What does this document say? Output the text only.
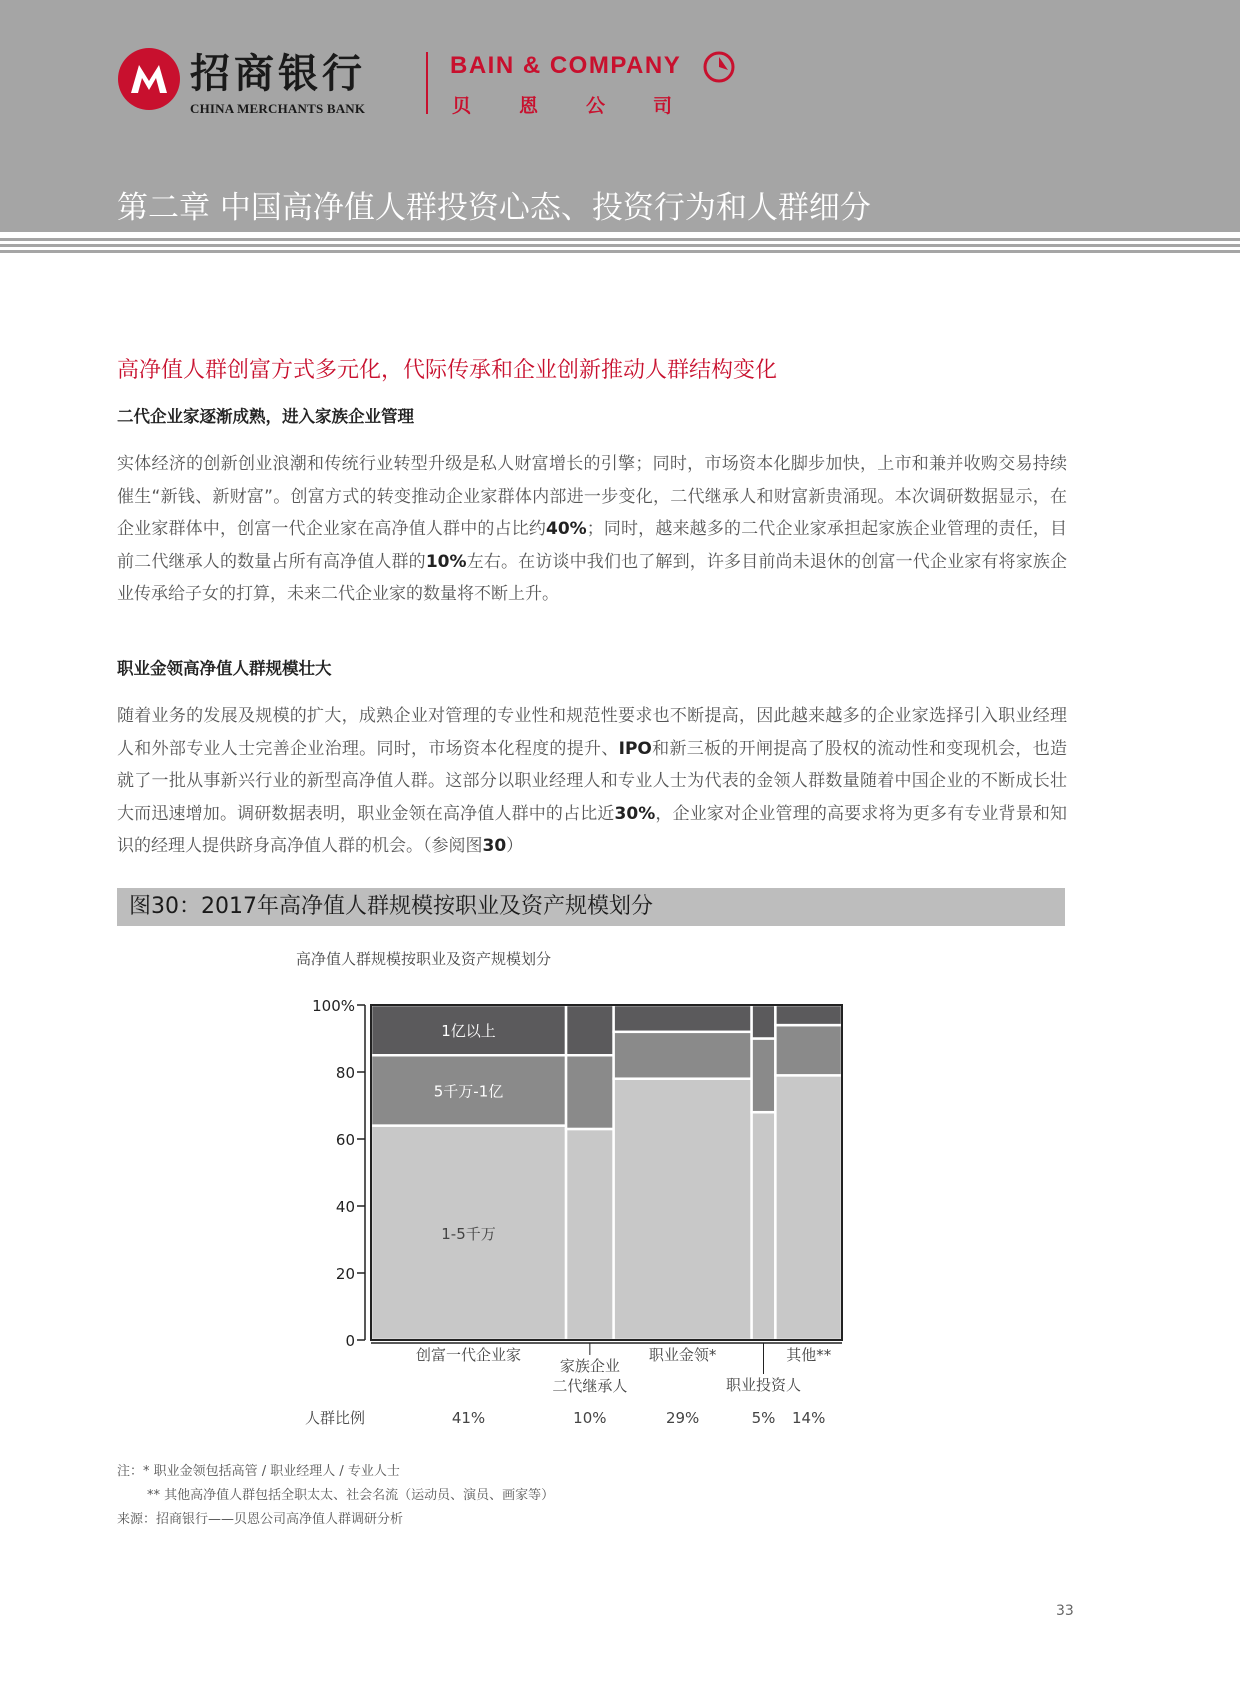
招商银行
CHINA MERCHANTS BANK
BAIN & COMPANY
贝恩公司
第二章 中国高净值人群投资心态、投资行为和人群细分
高净值人群创富方式多元化，代际传承和企业创新推动人群结构变化
二代企业家逐渐成熟，进入家族企业管理

实体经济的创新创业浪潮和传统行业转型升级是私人财富增长的引擎；同时，市场资本化脚步加快，上市和兼并收购交易持续催生“新钱、新财富”。创富方式的转变推动企业家群体内部进一步变化，二代继承人和财富新贵涌现。本次调研数据显示，在企业家群体中，创富一代企业家在高净值人群中的占比约40%；同时，越来越多的二代企业家承担起家族企业管理的责任，目前二代继承人的数量占所有高净值人群的10%左右。在访谈中我们也了解到，许多目前尚未退休的创富一代企业家有将家族企业传承给子女的打算，未来二代企业家的数量将不断上升。

职业金领高净值人群规模壮大

随着业务的发展及规模的扩大，成熟企业对管理的专业性和规范性要求也不断提高，因此越来越多的企业家选择引入职业经理人和外部专业人士完善企业治理。同时，市场资本化程度的提升、IPO和新三板的开闸提高了股权的流动性和变现机会，也造就了一批从事新兴行业的新型高净值人群。这部分以职业经理人和专业人士为代表的金领人群数量随着中国企业的不断成长壮大而迅速增加。调研数据表明，职业金领在高净值人群中的占比近30%，企业家对企业管理的高要求将为更多有专业背景和知识的经理人提供跻身高净值人群的机会。（参阅图30）

图30：2017年高净值人群规模按职业及资产规模划分
高净值人群规模按职业及资产规模划分
1-5千万
5千万-1亿
1亿以上
0
20
40
60
80
100%
创富一代企业家
41%
家族企业
二代继承人
10%
职业金领*
29%
职业投资人
5%
其他**
14%
人群比例
注：* 职业金领包括高管 / 职业经理人 / 专业人士
** 其他高净值人群包括全职太太、社会名流（运动员、演员、画家等）
来源：招商银行——贝恩公司高净值人群调研分析
33
